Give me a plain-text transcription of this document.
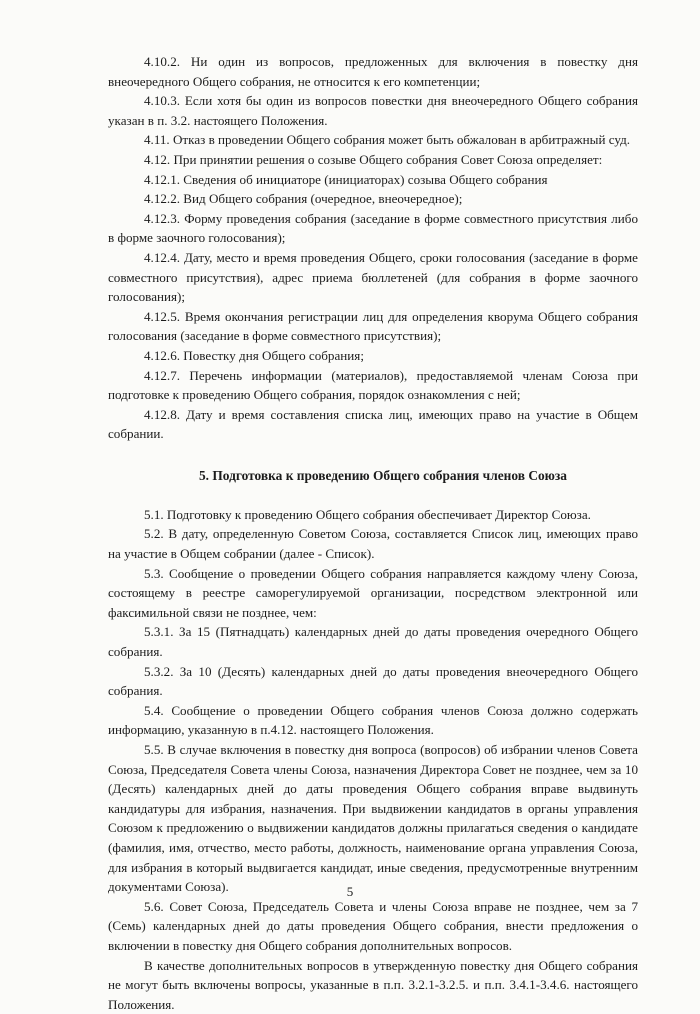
4.10.2. Ни один из вопросов, предложенных для включения в повестку дня внеочередного Общего собрания, не относится к его компетенции;

4.10.3. Если хотя бы один из вопросов повестки дня внеочередного Общего собрания указан в п. 3.2. настоящего Положения.

4.11. Отказ в проведении Общего собрания может быть обжалован в арбитражный суд.

4.12. При принятии решения о созыве Общего собрания Совет Союза определяет:

4.12.1. Сведения об инициаторе (инициаторах) созыва Общего собрания

4.12.2. Вид Общего собрания (очередное, внеочередное);

4.12.3. Форму проведения собрания (заседание в форме совместного присутствия либо в форме заочного голосования);

4.12.4. Дату, место и время проведения Общего, сроки голосования (заседание в форме совместного присутствия), адрес приема бюллетеней (для собрания в форме заочного голосования);

4.12.5. Время окончания регистрации лиц для определения кворума Общего собрания голосования (заседание в форме совместного присутствия);

4.12.6. Повестку дня Общего собрания;

4.12.7. Перечень информации (материалов), предоставляемой членам Союза при подготовке к проведению Общего собрания, порядок ознакомления с ней;

4.12.8. Дату и время составления списка лиц, имеющих право на участие в Общем собрании.

5. Подготовка к проведению Общего собрания членов Союза

5.1. Подготовку к проведению Общего собрания обеспечивает Директор Союза.

5.2. В дату, определенную Советом Союза, составляется Список лиц, имеющих право на участие в Общем собрании (далее - Список).

5.3. Сообщение о проведении Общего собрания направляется каждому члену Союза, состоящему в реестре саморегулируемой организации, посредством электронной или факсимильной связи не позднее, чем:

5.3.1. За 15 (Пятнадцать) календарных дней до даты проведения очередного Общего собрания.

5.3.2. За 10 (Десять) календарных дней до даты проведения внеочередного Общего собрания.

5.4. Сообщение о проведении Общего собрания членов Союза должно содержать информацию, указанную в п.4.12. настоящего Положения.

5.5. В случае включения в повестку дня вопроса (вопросов) об избрании членов Совета Союза, Председателя Совета члены Союза, назначения Директора Совет не позднее, чем за 10 (Десять) календарных дней до даты проведения Общего собрания вправе выдвинуть кандидатуры для избрания, назначения. При выдвижении кандидатов в органы управления Союзом к предложению о выдвижении кандидатов должны прилагаться сведения о кандидате (фамилия, имя, отчество, место работы, должность, наименование органа управления Союза, для избрания в который выдвигается кандидат, иные сведения, предусмотренные внутренним документами Союза).

5.6. Совет Союза, Председатель Совета и члены Союза вправе не позднее, чем за 7 (Семь) календарных дней до даты проведения Общего собрания, внести предложения о включении в повестку дня Общего собрания дополнительных вопросов.

В качестве дополнительных вопросов в утвержденную повестку дня Общего собрания не могут быть включены вопросы, указанные в п.п. 3.2.1-3.2.5. и п.п. 3.4.1-3.4.6. настоящего Положения.

5
